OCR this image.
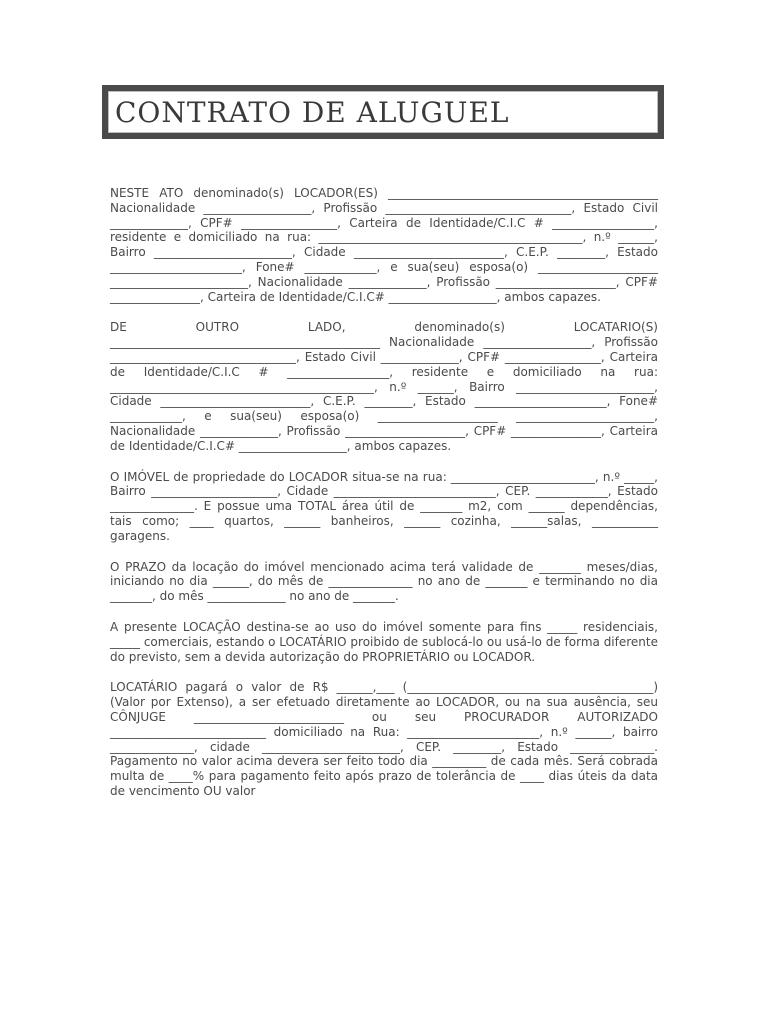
CONTRATO DE ALUGUEL

NESTE ATO denominado(s) LOCADOR(ES) _____________________________________________ Nacionalidade __________________, Profissão _______________________________, Estado Civil _____________, CPF# ________________, Carteira de Identidade/C.I.C # _________________, residente e domiciliado na rua: ____________________________________________, n.º ______, Bairro _______________________, Cidade _________________________, C.E.P. ________, Estado ______________________, Fone# ____________, e sua(seu) esposa(o) ____________________ _______________________, Nacionalidade _____________, Profissão ____________________, CPF# _______________, Carteira de Identidade/C.I.C# __________________, ambos capazes.

DE OUTRO LADO, denominado(s) LOCATARIO(S) _____________________________________________ Nacionalidade __________________, Profissão _______________________________, Estado Civil _____________, CPF# ________________, Carteira de Identidade/C.I.C # _________________, residente e domiciliado na rua: ____________________________________________, n.º ______, Bairro _______________________, Cidade _________________________, C.E.P. ________, Estado ______________________, Fone# ____________, e sua(seu) esposa(o) ____________________ _______________________, Nacionalidade _____________, Profissão ____________________, CPF# _______________, Carteira de Identidade/C.I.C# __________________, ambos capazes.

O IMÓVEL de propriedade do LOCADOR situa-se na rua: ________________________, n.º _____, Bairro _____________________, Cidade ___________________________, CEP. ____________, Estado ______________. E possue uma TOTAL área útil de _______ m2, com ______ dependências, tais como; ____ quartos, ______ banheiros, ______ cozinha, ______salas, ___________ garagens.

O PRAZO da locação do imóvel mencionado acima terá validade de _______ meses/dias, iniciando no dia ______, do mês de ______________ no ano de _______ e terminando no dia _______, do mês _____________ no ano de _______.

A presente LOCAÇÃO destina-se ao uso do imóvel somente para fins _____ residenciais, _____ comerciais, estando o LOCATÁRIO proibido de sublocá-lo ou usá-lo de forma diferente do previsto, sem a devida autorização do PROPRIETÁRIO ou LOCADOR.

LOCATÁRIO pagará o valor de R$ ______,___ (_________________________________________) (Valor por Extenso), a ser efetuado diretamente ao LOCADOR, ou na sua ausência, seu CÔNJUGE _________________________ ou seu PROCURADOR AUTORIZADO __________________________ domiciliado na Rua: ______________________, n.º ______, bairro ______________, cidade _______________________, CEP. ________, Estado ______________. Pagamento no valor acima devera ser feito todo dia _________ de cada mês. Será cobrada multa de ____% para pagamento feito após prazo de tolerância de ____ dias úteis da data de vencimento OU valor
